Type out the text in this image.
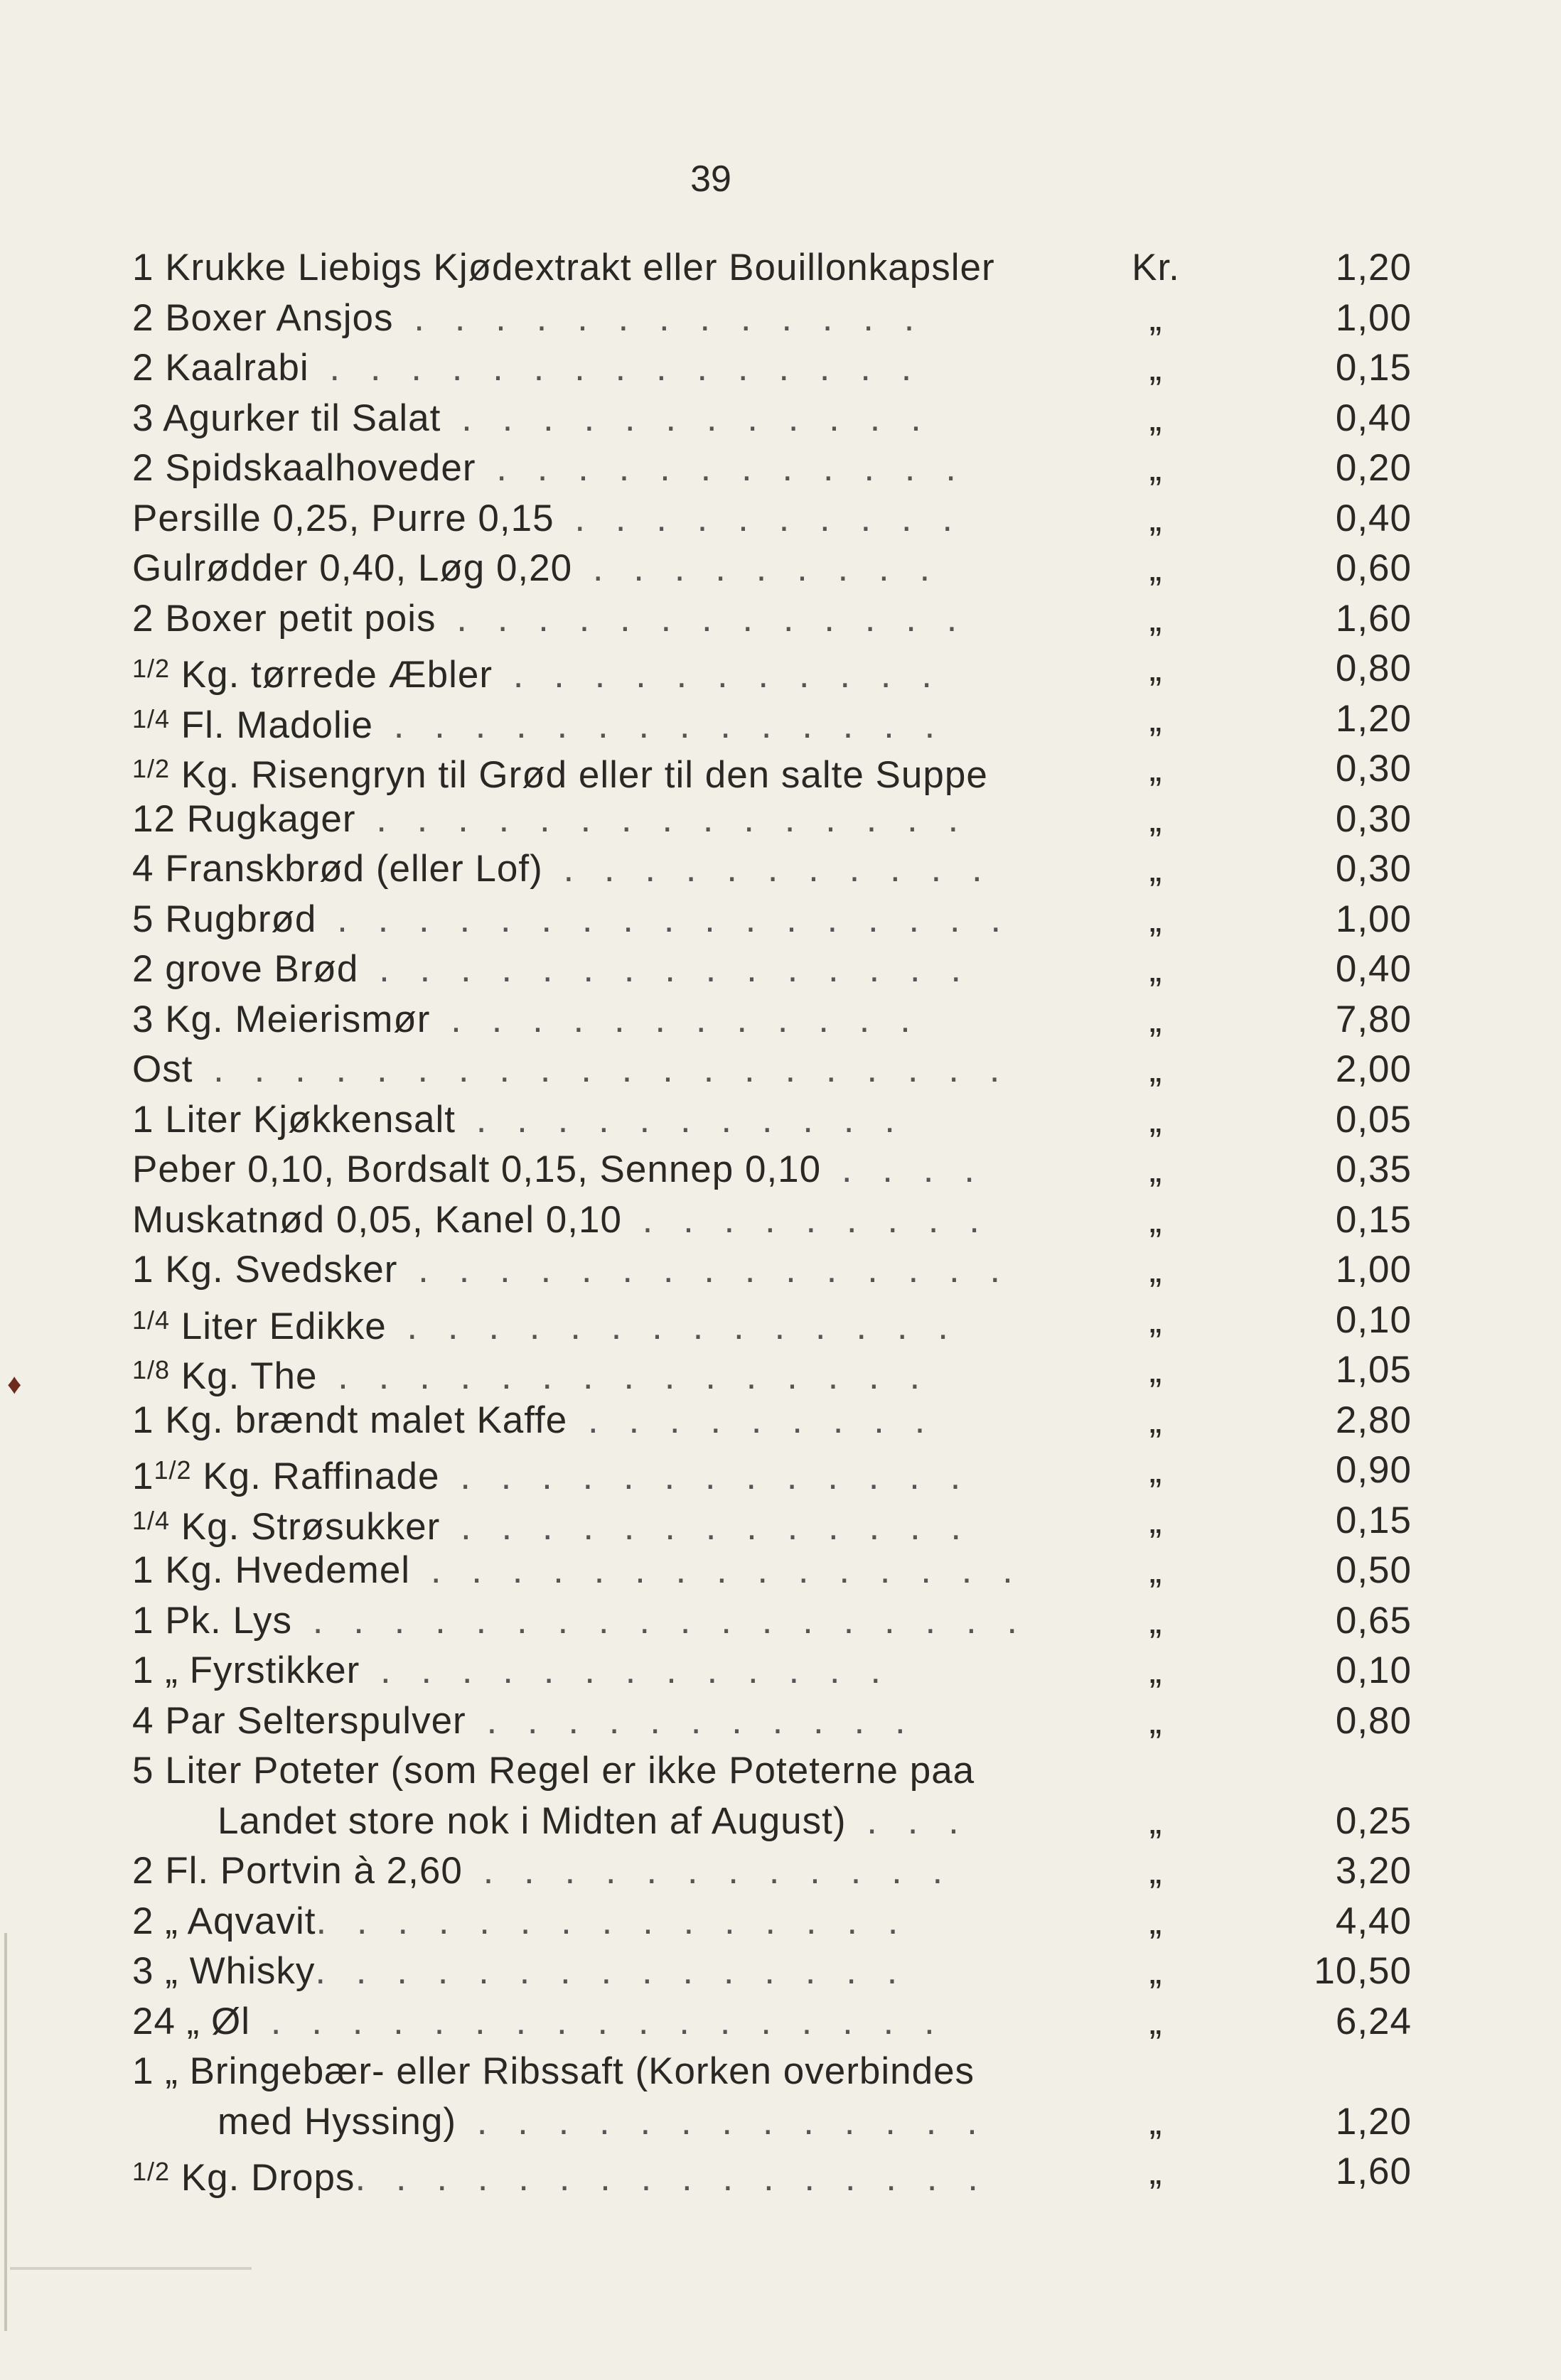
39
1 Krukke Liebigs Kjødextrakt eller Bouillonkapsler	Kr.	1,20
2 Boxer Ansjos . . . . . . . . . . . . .	„	1,00
2 Kaalrabi . . . . . . . . . . . . . . .	„	0,15
3 Agurker til Salat . . . . . . . . . . . .	„	0,40
2 Spidskaalhoveder . . . . . . . . . . . .	„	0,20
Persille 0,25, Purre 0,15 . . . . . . . . . .	„	0,40
Gulrødder 0,40, Løg 0,20 . . . . . . . . .	„	0,60
2 Boxer petit pois . . . . . . . . . . . . .	„	1,60
$^{1/2}$ Kg. tørrede Æbler . . . . . . . . . . .	„	0,80
$^{1/4}$ Fl. Madolie . . . . . . . . . . . . . .	„	1,20
$^{1/2}$ Kg. Risengryn til Grød eller til den salte Suppe	„	0,30
12 Rugkager . . . . . . . . . . . . . . .	„	0,30
4 Franskbrød (eller Lof) . . . . . . . . . . .	„	0,30
5 Rugbrød . . . . . . . . . . . . . . . . .	„	1,00
2 grove Brød . . . . . . . . . . . . . . .	„	0,40
3 Kg. Meierismør . . . . . . . . . . . .	„	7,80
Ost . . . . . . . . . . . . . . . . . . . .	„	2,00
1 Liter Kjøkkensalt . . . . . . . . . . .	„	0,05
Peber 0,10, Bordsalt 0,15, Sennep 0,10 . . . .	„	0,35
Muskatnød 0,05, Kanel 0,10 . . . . . . . . .	„	0,15
1 Kg. Svedsker . . . . . . . . . . . . . . .	„	1,00
$^{1/4}$ Liter Edikke . . . . . . . . . . . . . .	„	0,10
$^{1/8}$ Kg. The . . . . . . . . . . . . . . .	„	1,05
1 Kg. brændt malet Kaffe . . . . . . . . .	„	2,80
$1^{1/2}$ Kg. Raffinade . . . . . . . . . . . . .	„	0,90
$^{1/4}$ Kg. Strøsukker . . . . . . . . . . . . .	„	0,15
1 Kg. Hvedemel . . . . . . . . . . . . . . .	„	0,50
1 Pk. Lys . . . . . . . . . . . . . . . . . .	„	0,65
1 „ Fyrstikker . . . . . . . . . . . . .	„	0,10
4 Par Selterspulver . . . . . . . . . . .	„	0,80
5 Liter Poteter (som Regel er ikke Poteterne paa
Landet store nok i Midten af August) . . .	„	0,25
2 Fl. Portvin à 2,60 . . . . . . . . . . . .	„	3,20
2 „ Aqvavit. . . . . . . . . . . . . . .	„	4,40
3 „ Whisky. . . . . . . . . . . . . . .	„	10,50
24 „ Øl . . . . . . . . . . . . . . . . .	„	6,24
1 „ Bringebær- eller Ribssaft (Korken overbindes
med Hyssing) . . . . . . . . . . . . .	„	1,20
$^{1/2}$ Kg. Drops. . . . . . . . . . . . . . . .	„	1,60
♦
